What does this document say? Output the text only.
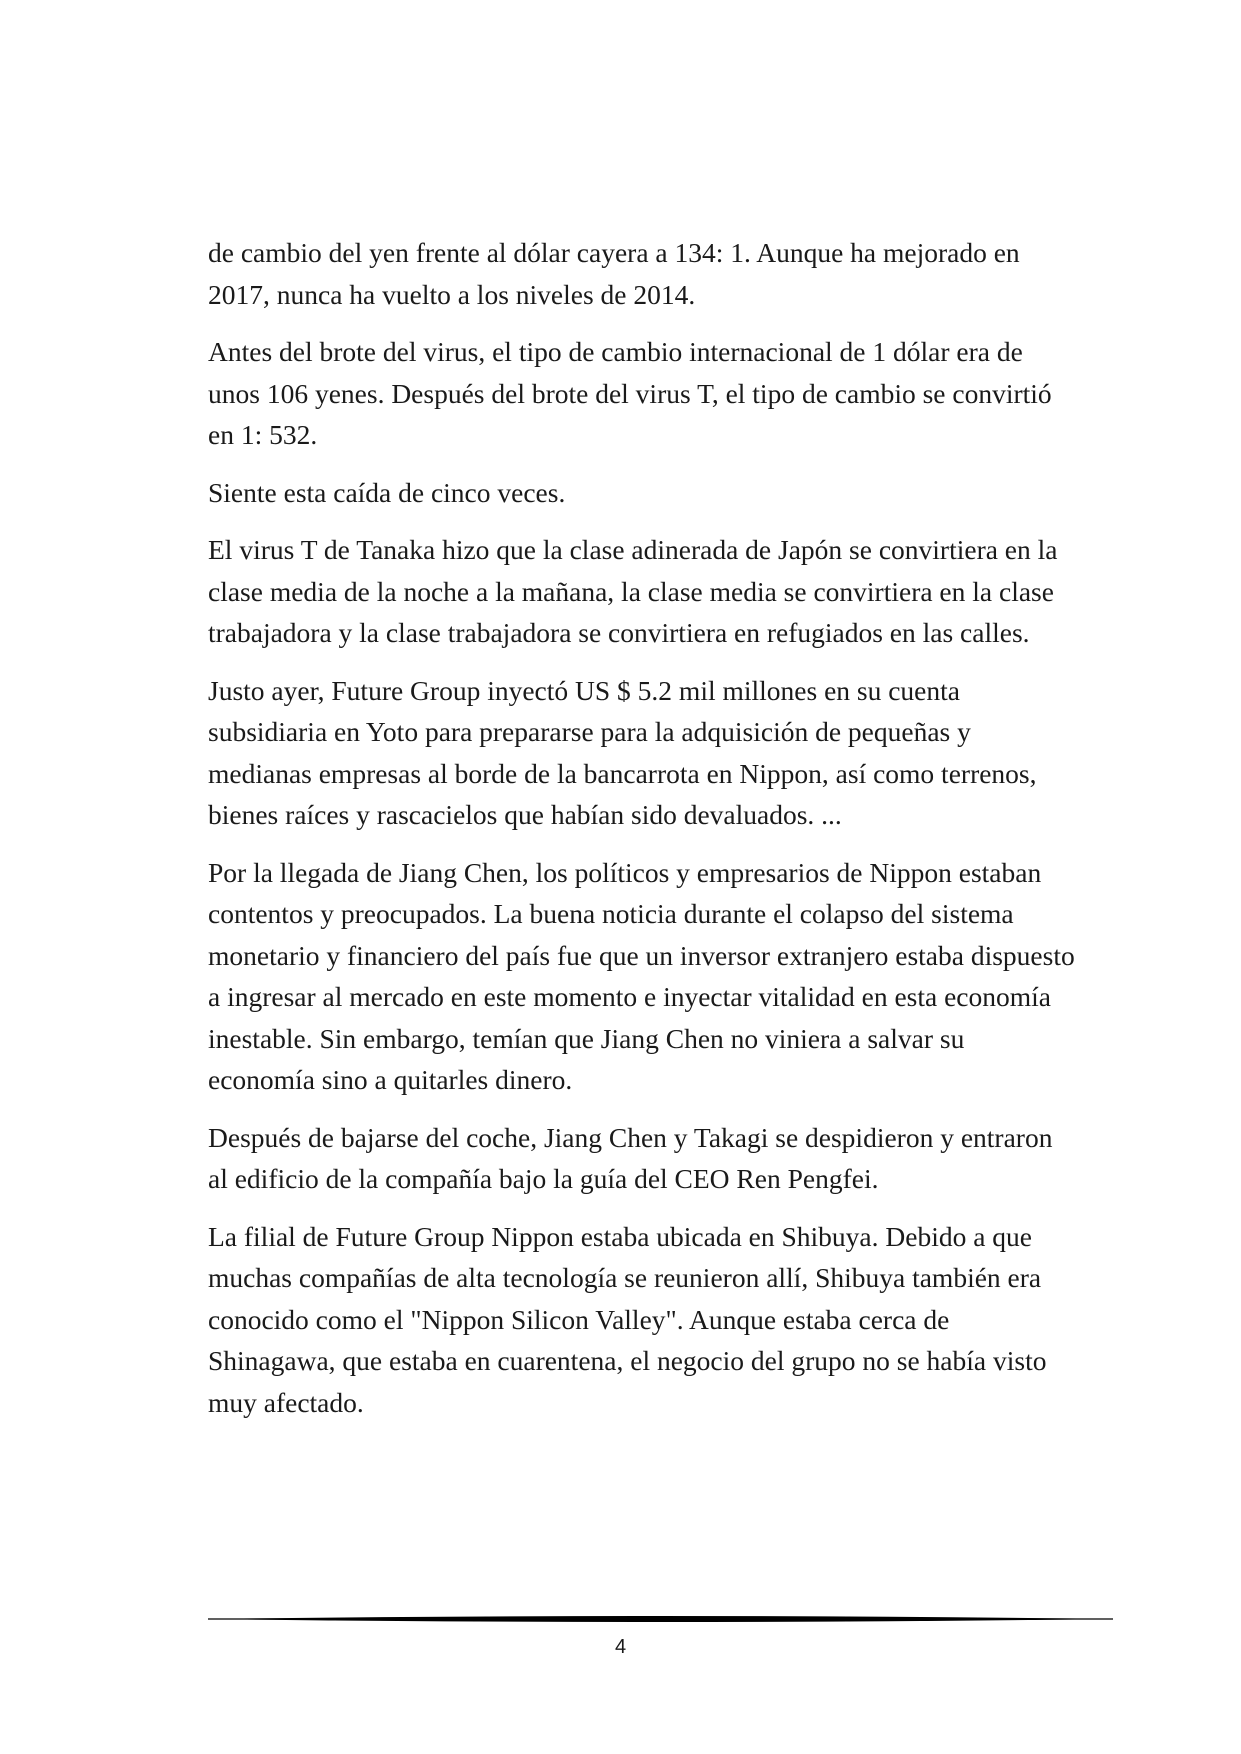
de cambio del yen frente al dólar cayera a 134: 1. Aunque ha mejorado en 2017, nunca ha vuelto a los niveles de 2014.

Antes del brote del virus, el tipo de cambio internacional de 1 dólar era de unos 106 yenes. Después del brote del virus T, el tipo de cambio se convirtió en 1: 532.

Siente esta caída de cinco veces.

El virus T de Tanaka hizo que la clase adinerada de Japón se convirtiera en la clase media de la noche a la mañana, la clase media se convirtiera en la clase trabajadora y la clase trabajadora se convirtiera en refugiados en las calles.

Justo ayer, Future Group inyectó US $ 5.2 mil millones en su cuenta subsidiaria en Yoto para prepararse para la adquisición de pequeñas y medianas empresas al borde de la bancarrota en Nippon, así como terrenos, bienes raíces y rascacielos que habían sido devaluados. ...

Por la llegada de Jiang Chen, los políticos y empresarios de Nippon estaban contentos y preocupados. La buena noticia durante el colapso del sistema monetario y financiero del país fue que un inversor extranjero estaba dispuesto a ingresar al mercado en este momento e inyectar vitalidad en esta economía inestable. Sin embargo, temían que Jiang Chen no viniera a salvar su economía sino a quitarles dinero.

Después de bajarse del coche, Jiang Chen y Takagi se despidieron y entraron al edificio de la compañía bajo la guía del CEO Ren Pengfei.

La filial de Future Group Nippon estaba ubicada en Shibuya. Debido a que muchas compañías de alta tecnología se reunieron allí, Shibuya también era conocido como el "Nippon Silicon Valley". Aunque estaba cerca de Shinagawa, que estaba en cuarentena, el negocio del grupo no se había visto muy afectado.

4
